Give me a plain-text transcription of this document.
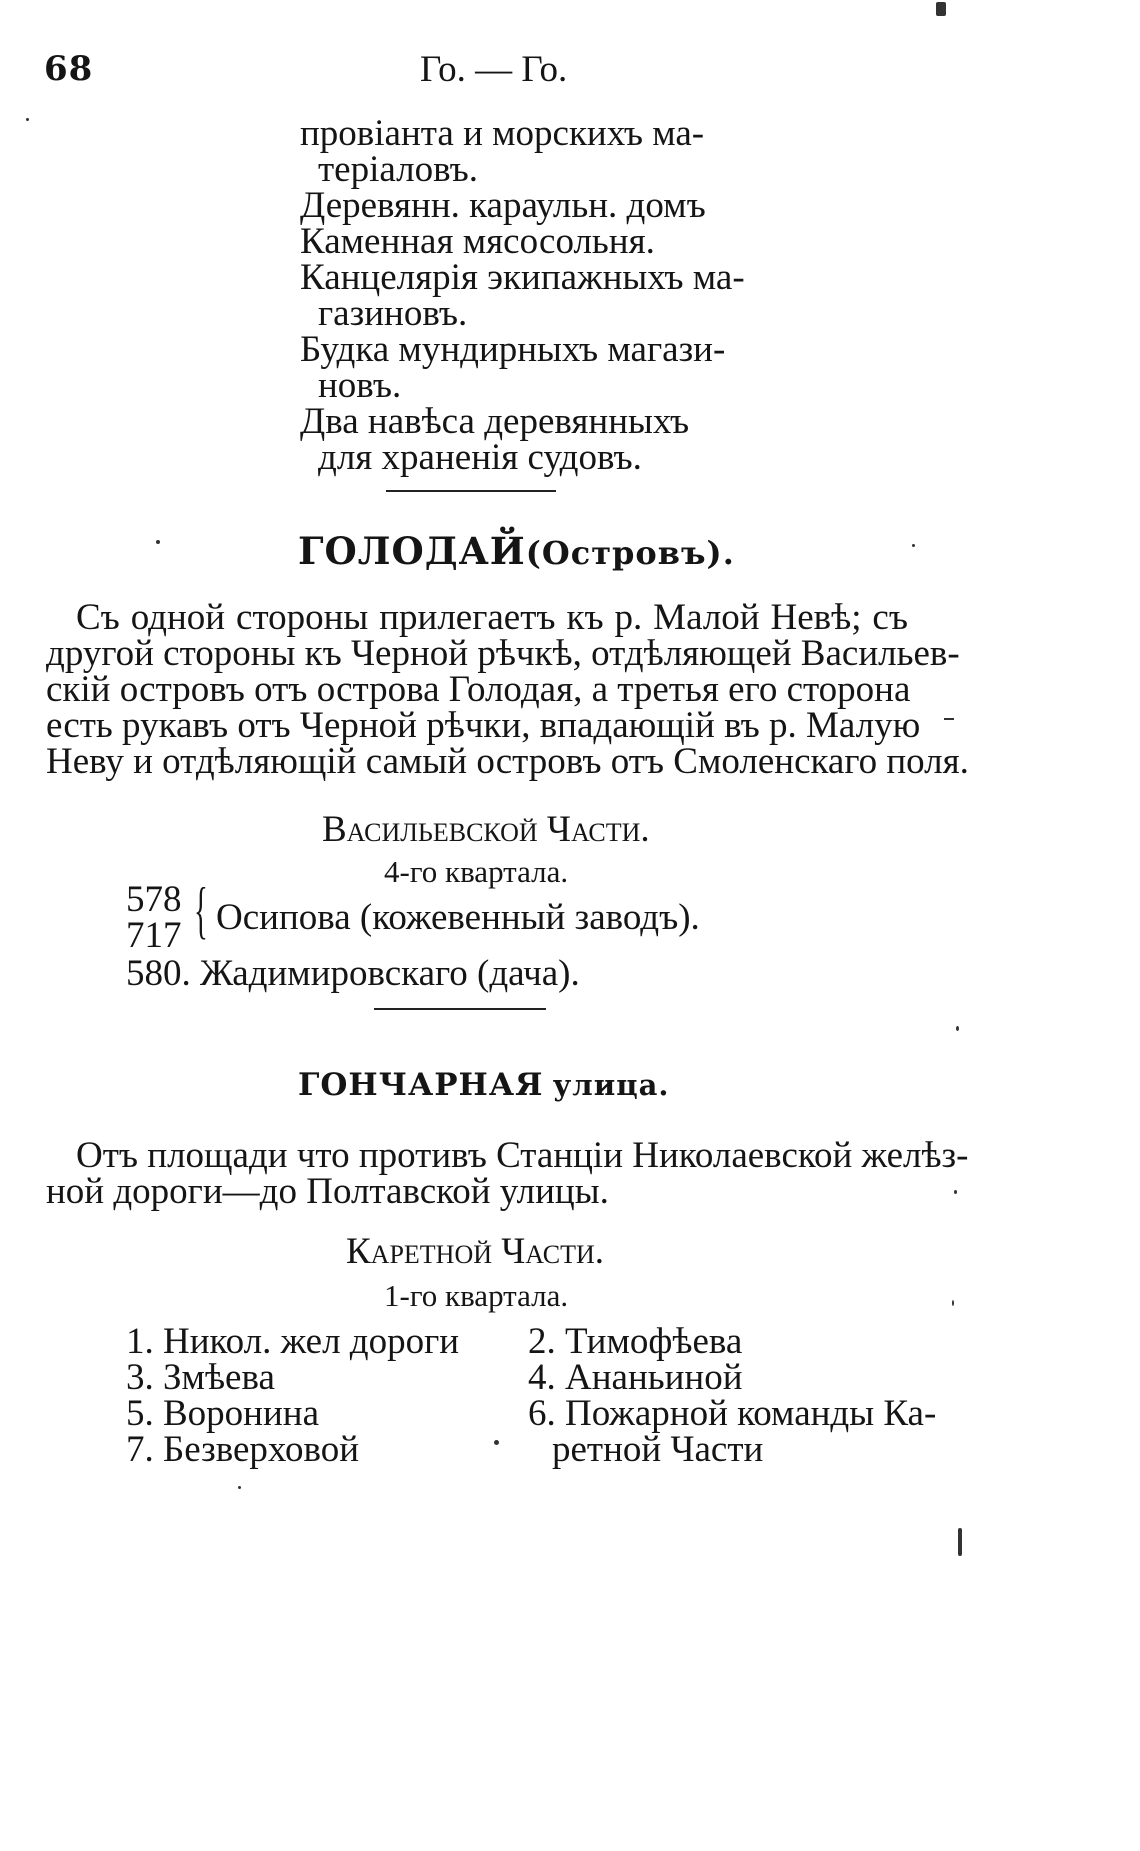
68	Го. — Го.
провіанта и морскихъ ма-
теріаловъ.
Деревянн. караульн. домъ
Каменная мясосольня.
Канцелярія экипажныхъ ма-
газиновъ.
Будка мундирныхъ магази-
новъ.
Два навѣса деревянныхъ
для храненія судовъ.
ГОЛОДАЙ(Островъ).
Съ одной стороны прилегаетъ къ р. Малой Невѣ; съ
другой стороны къ Черной рѣчкѣ, отдѣляющей Васильев-
скій островъ отъ острова Голодая, а третья его сторона
есть рукавъ отъ Черной рѣчки, впадающій въ р. Малую
Неву и отдѣляющій самый островъ отъ Смоленскаго поля.
Васильевской Части.
4-го квартала.
578
717 { Осипова (кожевенный заводъ).
580. Жадимировскаго (дача).
ГОНЧАРНАЯ улица.
Отъ площади что противъ Станціи Николаевской желѣз-
ной дороги—до Полтавской улицы.
Каретной Части.
1-го квартала.
1. Никол. жел дороги
3. Змѣева
5. Воронина
7. Безверховой
2. Тимофѣева
4. Ананьиной
6. Пожарной команды Ка-
ретной Части
